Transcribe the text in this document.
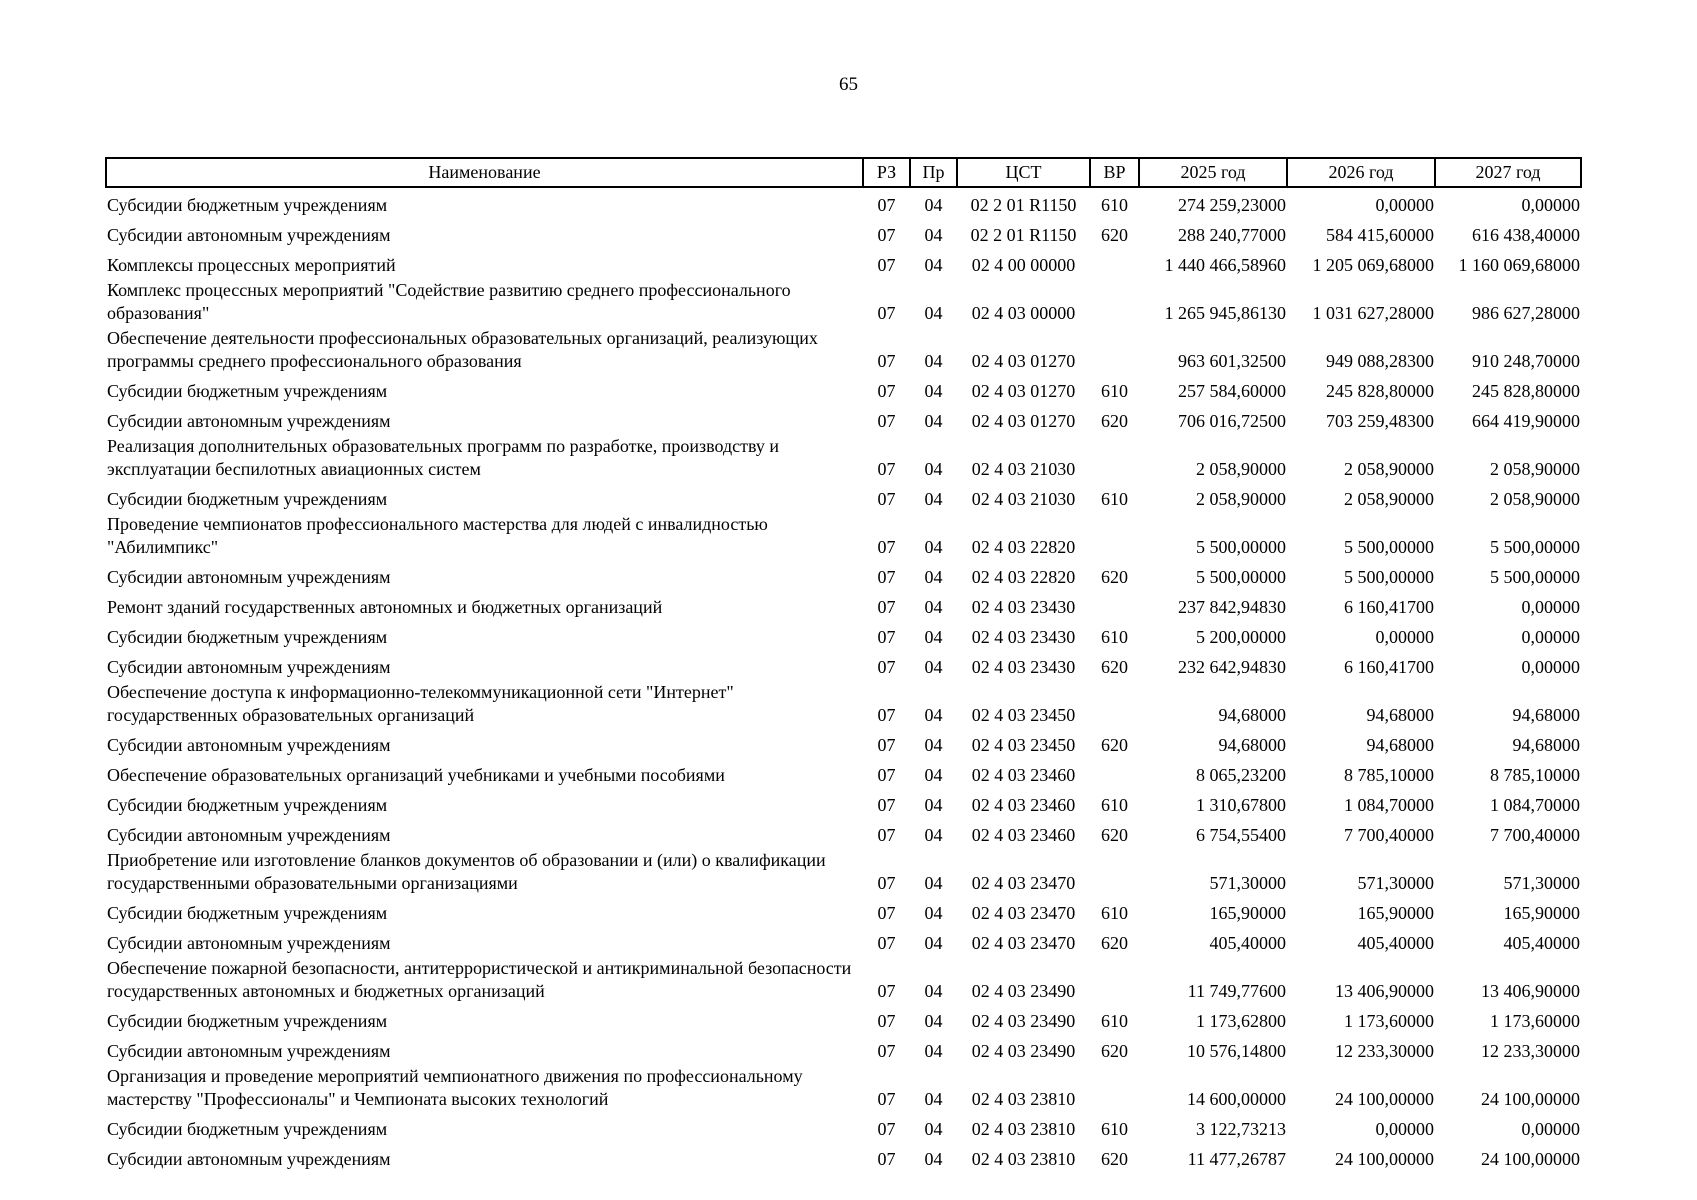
65
Наименование	РЗ	Пр	ЦСТ	ВР	2025 год	2026 год	2027 год
Субсидии бюджетным учреждениям	07	04	02 2 01 R1150	610	274 259,23000	0,00000	0,00000
Субсидии автономным учреждениям	07	04	02 2 01 R1150	620	288 240,77000	584 415,60000	616 438,40000
Комплексы процессных мероприятий	07	04	02 4 00 00000		1 440 466,58960	1 205 069,68000	1 160 069,68000
Комплекс процессных мероприятий "Содействие развитию среднего профессионального образования"	07	04	02 4 03 00000		1 265 945,86130	1 031 627,28000	986 627,28000
Обеспечение деятельности профессиональных образовательных организаций, реализующих программы среднего профессионального образования	07	04	02 4 03 01270		963 601,32500	949 088,28300	910 248,70000
Субсидии бюджетным учреждениям	07	04	02 4 03 01270	610	257 584,60000	245 828,80000	245 828,80000
Субсидии автономным учреждениям	07	04	02 4 03 01270	620	706 016,72500	703 259,48300	664 419,90000
Реализация дополнительных образовательных программ по разработке, производству и эксплуатации беспилотных авиационных систем	07	04	02 4 03 21030		2 058,90000	2 058,90000	2 058,90000
Субсидии бюджетным учреждениям	07	04	02 4 03 21030	610	2 058,90000	2 058,90000	2 058,90000
Проведение чемпионатов профессионального мастерства для людей с инвалидностью "Абилимпикс"	07	04	02 4 03 22820		5 500,00000	5 500,00000	5 500,00000
Субсидии автономным учреждениям	07	04	02 4 03 22820	620	5 500,00000	5 500,00000	5 500,00000
Ремонт зданий государственных автономных и бюджетных организаций	07	04	02 4 03 23430		237 842,94830	6 160,41700	0,00000
Субсидии бюджетным учреждениям	07	04	02 4 03 23430	610	5 200,00000	0,00000	0,00000
Субсидии автономным учреждениям	07	04	02 4 03 23430	620	232 642,94830	6 160,41700	0,00000
Обеспечение доступа к информационно-телекоммуникационной сети "Интернет" государственных образовательных организаций	07	04	02 4 03 23450		94,68000	94,68000	94,68000
Субсидии автономным учреждениям	07	04	02 4 03 23450	620	94,68000	94,68000	94,68000
Обеспечение образовательных организаций учебниками и учебными пособиями	07	04	02 4 03 23460		8 065,23200	8 785,10000	8 785,10000
Субсидии бюджетным учреждениям	07	04	02 4 03 23460	610	1 310,67800	1 084,70000	1 084,70000
Субсидии автономным учреждениям	07	04	02 4 03 23460	620	6 754,55400	7 700,40000	7 700,40000
Приобретение или изготовление бланков документов об образовании и (или) о квалификации государственными образовательными организациями	07	04	02 4 03 23470		571,30000	571,30000	571,30000
Субсидии бюджетным учреждениям	07	04	02 4 03 23470	610	165,90000	165,90000	165,90000
Субсидии автономным учреждениям	07	04	02 4 03 23470	620	405,40000	405,40000	405,40000
Обеспечение пожарной безопасности, антитеррористической и антикриминальной безопасности государственных автономных и бюджетных организаций	07	04	02 4 03 23490		11 749,77600	13 406,90000	13 406,90000
Субсидии бюджетным учреждениям	07	04	02 4 03 23490	610	1 173,62800	1 173,60000	1 173,60000
Субсидии автономным учреждениям	07	04	02 4 03 23490	620	10 576,14800	12 233,30000	12 233,30000
Организация и проведение мероприятий чемпионатного движения по профессиональному мастерству "Профессионалы" и Чемпионата высоких технологий	07	04	02 4 03 23810		14 600,00000	24 100,00000	24 100,00000
Субсидии бюджетным учреждениям	07	04	02 4 03 23810	610	3 122,73213	0,00000	0,00000
Субсидии автономным учреждениям	07	04	02 4 03 23810	620	11 477,26787	24 100,00000	24 100,00000
